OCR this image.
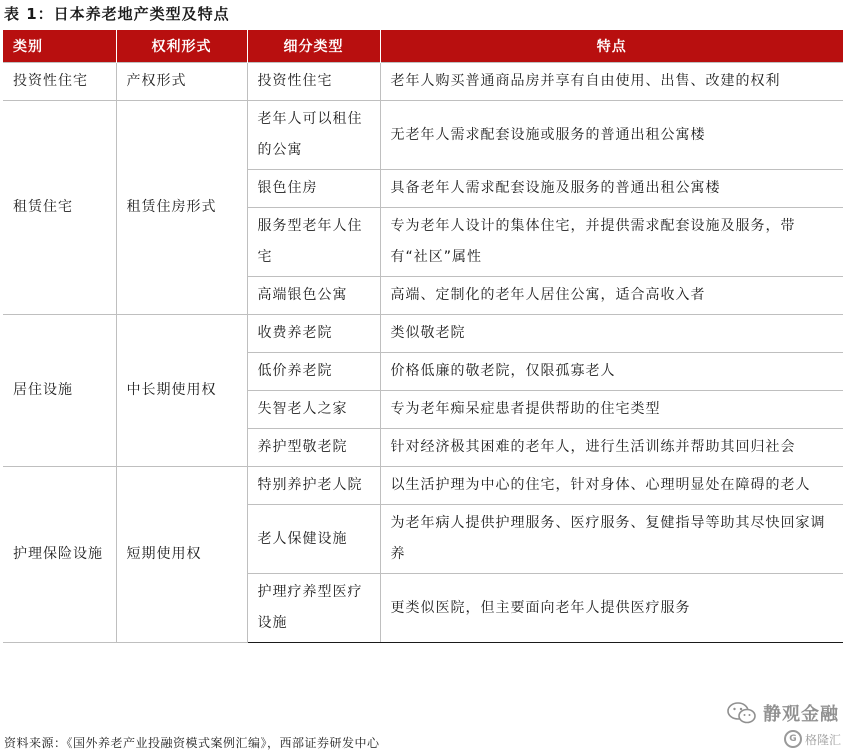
表 1：日本养老地产类型及特点
类别	权利形式	细分类型	特点
投资性住宅	产权形式	投资性住宅	老年人购买普通商品房并享有自由使用、出售、改建的权利
租赁住宅	租赁住房形式	老年人可以租住的公寓	无老年人需求配套设施或服务的普通出租公寓楼
		银色住房	具备老年人需求配套设施及服务的普通出租公寓楼
		服务型老年人住宅	专为老年人设计的集体住宅，并提供需求配套设施及服务，带有“社区”属性
		高端银色公寓	高端、定制化的老年人居住公寓，适合高收入者
居住设施	中长期使用权	收费养老院	类似敬老院
		低价养老院	价格低廉的敬老院，仅限孤寡老人
		失智老人之家	专为老年痴呆症患者提供帮助的住宅类型
		养护型敬老院	针对经济极其困难的老年人，进行生活训练并帮助其回归社会
护理保险设施	短期使用权	特别养护老人院	以生活护理为中心的住宅，针对身体、心理明显处在障碍的老人
		老人保健设施	为老年病人提供护理服务、医疗服务、复健指导等助其尽快回家调养
		护理疗养型医疗设施	更类似医院，但主要面向老年人提供医疗服务
资料来源：《国外养老产业投融资模式案例汇编》，西部证券研发中心
静观金融
G 格隆汇
